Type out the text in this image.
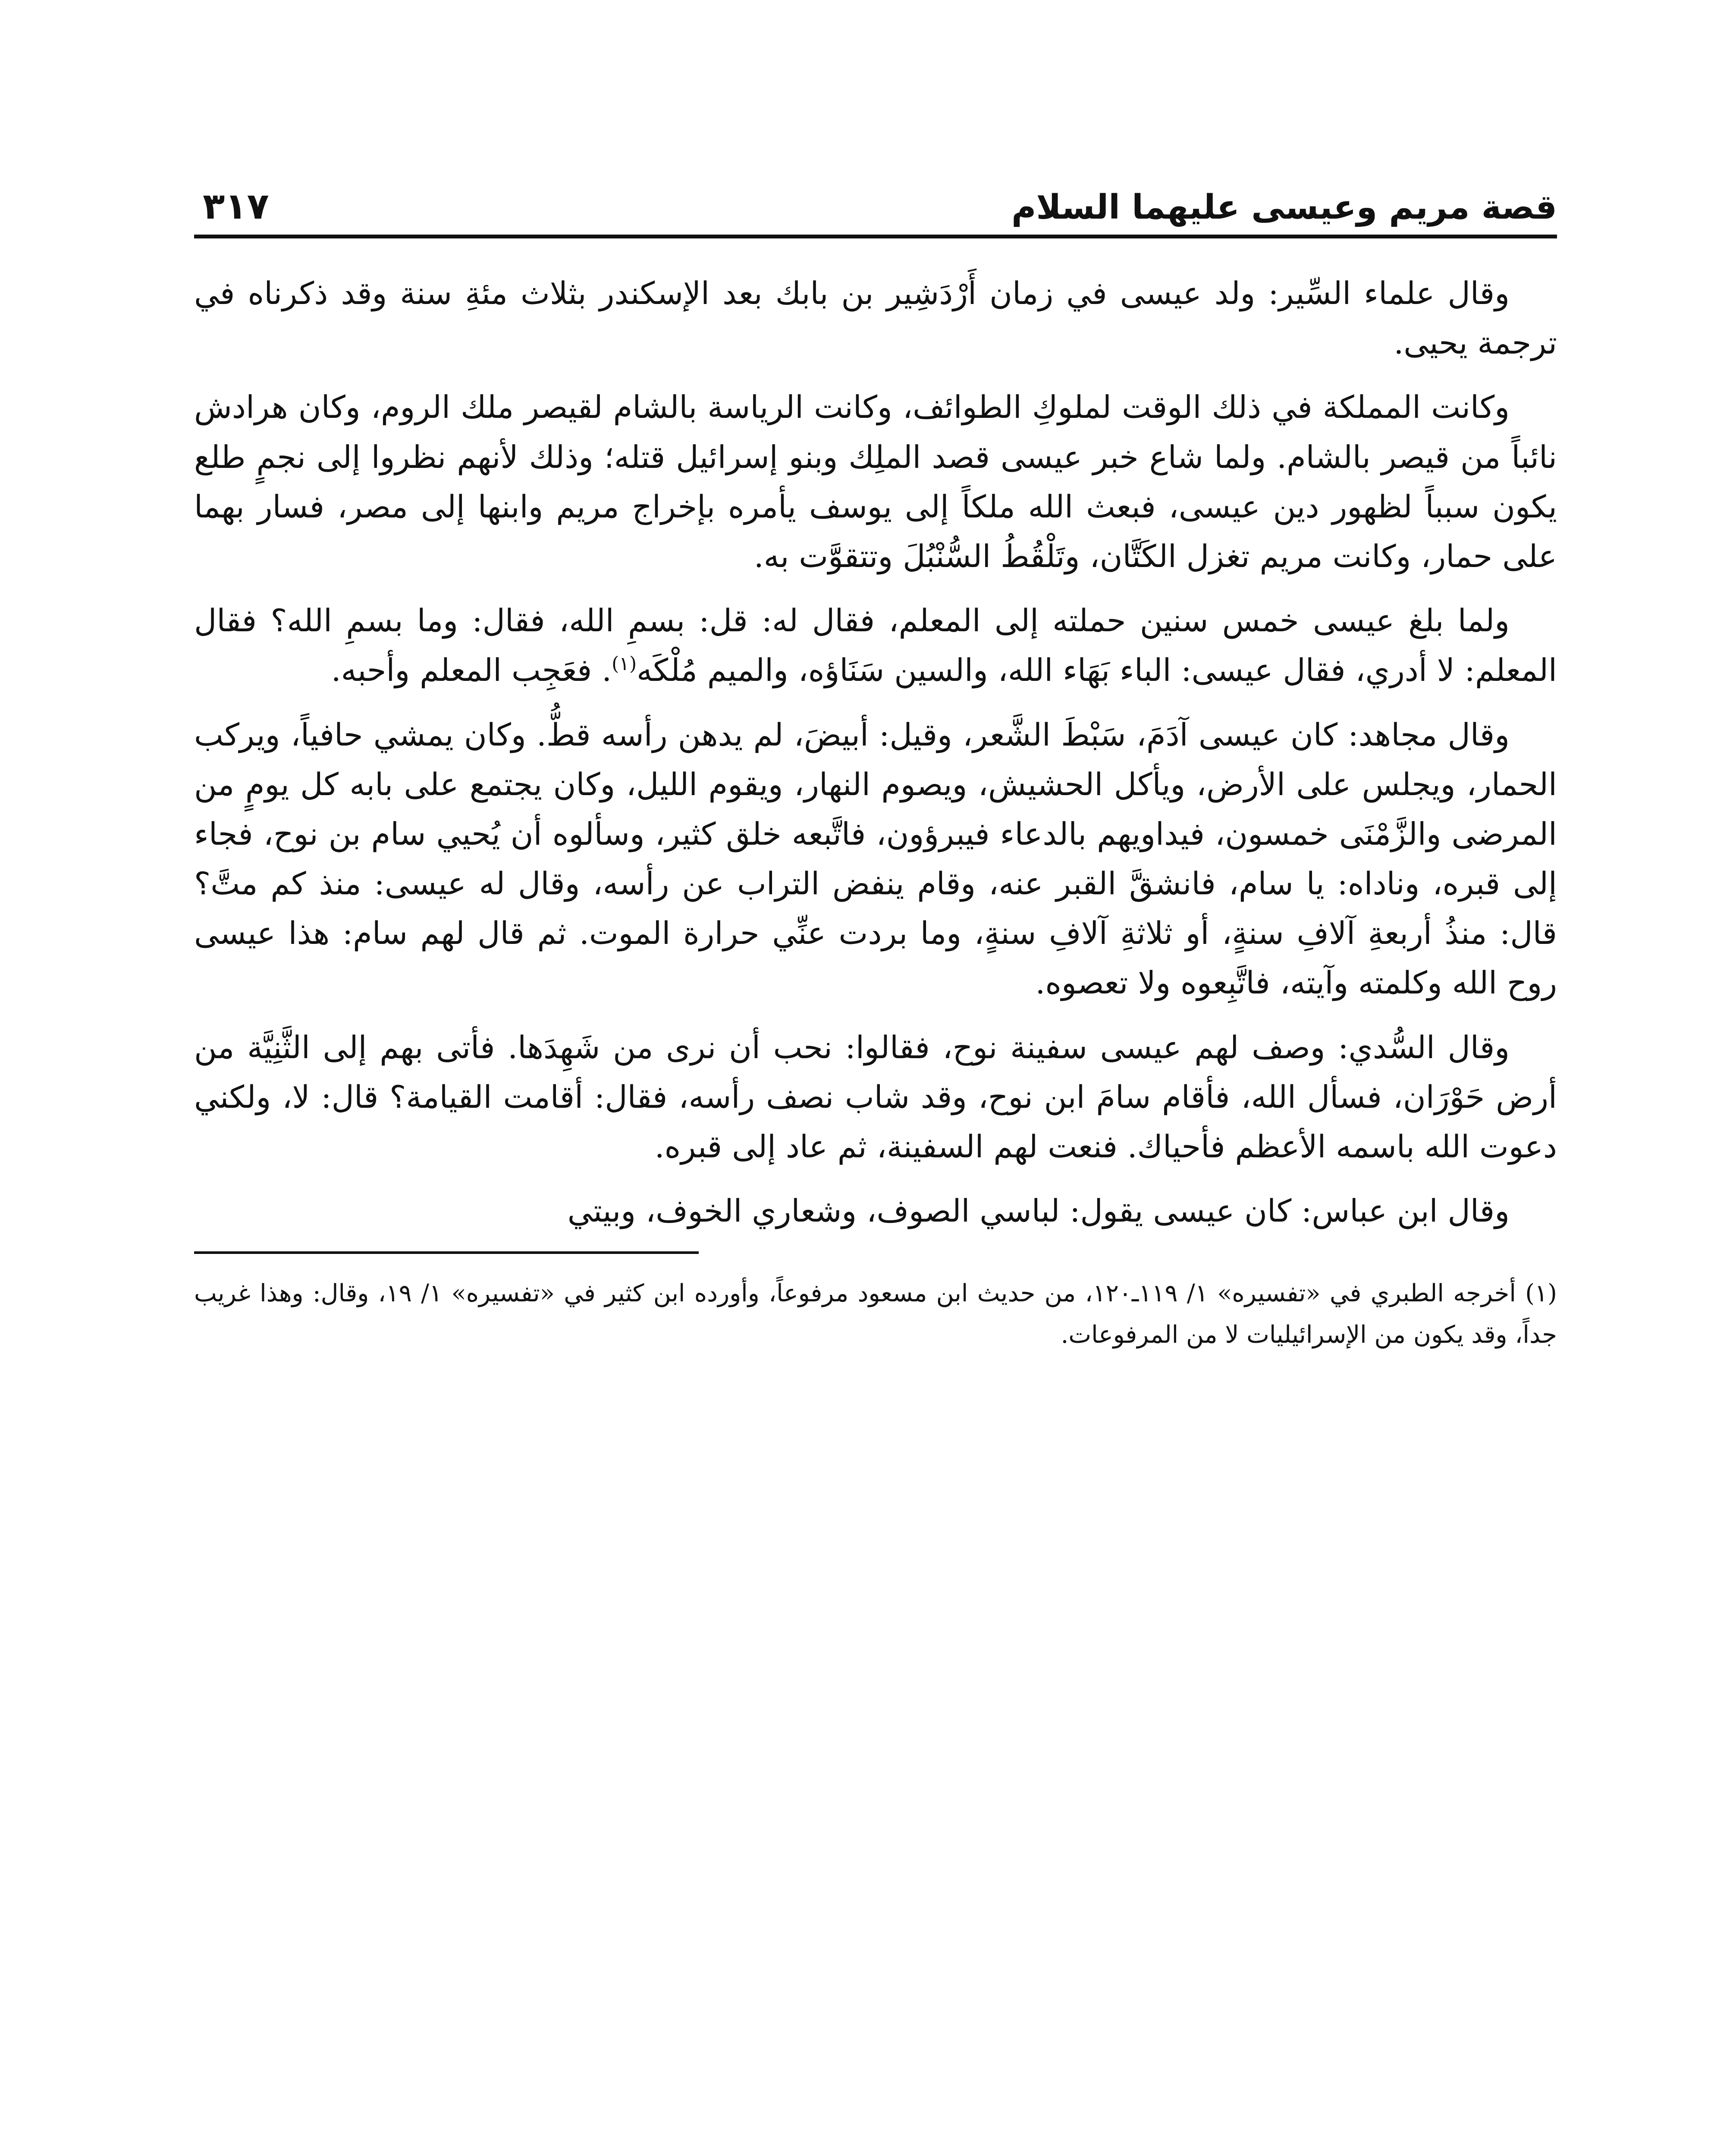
قصة مريم وعيسى عليهما السلام
٣١٧

وقال علماء السِّير: ولد عيسى في زمان أَرْدَشِير بن بابك بعد الإسكندر بثلاث مئةِ سنة وقد ذكرناه في ترجمة يحيى.

وكانت المملكة في ذلك الوقت لملوكِ الطوائف، وكانت الرياسة بالشام لقيصر ملك الروم، وكان هرادش نائباً من قيصر بالشام. ولما شاع خبر عيسى قصد الملِك وبنو إسرائيل قتله؛ وذلك لأنهم نظروا إلى نجمٍ طلع يكون سبباً لظهور دين عيسى، فبعث الله ملكاً إلى يوسف يأمره بإخراج مريم وابنها إلى مصر، فسار بهما على حمار، وكانت مريم تغزل الكَتَّان، وتَلْقُطُ السُّنْبُلَ وتتقوَّت به.

ولما بلغ عيسى خمس سنين حملته إلى المعلم، فقال له: قل: بسمِ الله، فقال: وما بسمِ الله؟ فقال المعلم: لا أدري، فقال عيسى: الباء بَهَاء الله، والسين سَنَاؤه، والميم مُلْكَه$^{(١)}$. فعَجِب المعلم وأحبه.

وقال مجاهد: كان عيسى آدَمَ، سَبْطَ الشَّعر، وقيل: أبيضَ، لم يدهن رأسه قطُّ. وكان يمشي حافياً، ويركب الحمار، ويجلس على الأرض، ويأكل الحشيش، ويصوم النهار، ويقوم الليل، وكان يجتمع على بابه كل يومٍ من المرضى والزَّمْنَى خمسون، فيداويهم بالدعاء فيبرؤون، فاتَّبعه خلق كثير، وسألوه أن يُحيي سام بن نوح، فجاء إلى قبره، وناداه: يا سام، فانشقَّ القبر عنه، وقام ينفض التراب عن رأسه، وقال له عيسى: منذ كم متَّ؟ قال: منذُ أربعةِ آلافِ سنةٍ، أو ثلاثةِ آلافِ سنةٍ، وما بردت عنِّي حرارة الموت. ثم قال لهم سام: هذا عيسى روح الله وكلمته وآيته، فاتَّبِعوه ولا تعصوه.

وقال السُّدي: وصف لهم عيسى سفينة نوح، فقالوا: نحب أن نرى من شَهِدَها. فأتى بهم إلى الثَّنِيَّة من أرض حَوْرَان، فسأل الله، فأقام سامَ ابن نوح، وقد شاب نصف رأسه، فقال: أقامت القيامة؟ قال: لا، ولكني دعوت الله باسمه الأعظم فأحياك. فنعت لهم السفينة، ثم عاد إلى قبره.

وقال ابن عباس: كان عيسى يقول: لباسي الصوف، وشعاري الخوف، وبيتي

(١) أخرجه الطبري في «تفسيره» ١/ ١١٩ـ١٢٠، من حديث ابن مسعود مرفوعاً، وأورده ابن كثير في «تفسيره» ١/ ١٩، وقال: وهذا غريب جداً، وقد يكون من الإسرائيليات لا من المرفوعات.
